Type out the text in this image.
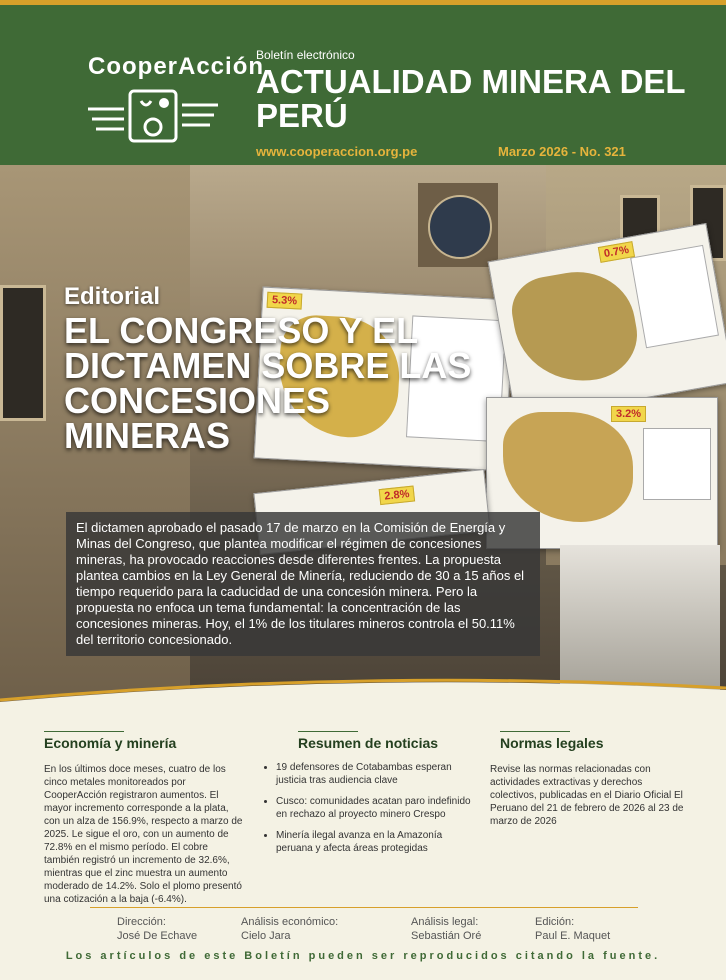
CooperAcción
Boletín electrónico
ACTUALIDAD MINERA DEL PERÚ
www.cooperaccion.org.pe	Marzo 2026 - No. 321
5.3%
0.7%
3.2%
2.8%
Editorial
EL CONGRESO Y EL DICTAMEN SOBRE LAS CONCESIONES MINERAS
El dictamen aprobado el pasado 17 de marzo en la Comisión de Energía y Minas del Congreso, que plantea modificar el régimen de concesiones mineras, ha provocado reacciones desde diferentes frentes. La propuesta plantea cambios en la Ley General de Minería, reduciendo de 30 a 15 años el tiempo requerido para la caducidad de una concesión minera. Pero la propuesta no enfoca un tema fundamental: la concentración de las concesiones mineras. Hoy, el 1% de los titulares mineros controla el 50.11% del territorio concesionado.
Economía y minería

En los últimos doce meses, cuatro de los cinco metales monitoreados por CooperAcción registraron aumentos. El mayor incremento corresponde a la plata, con un alza de 156.9%, respecto a marzo de 2025. Le sigue el oro, con un aumento de 72.8% en el mismo período. El cobre también registró un incremento de 32.6%, mientras que el zinc muestra un aumento moderado de 14.2%. Solo el plomo presentó una cotización a la baja (-6.4%).

Resumen de noticias
• 19 defensores de Cotabambas esperan justicia tras audiencia clave
• Cusco: comunidades acatan paro indefinido en rechazo al proyecto minero Crespo
• Minería ilegal avanza en la Amazonía peruana y afecta áreas protegidas
Normas legales

Revise las normas relacionadas con actividades extractivas y derechos colectivos, publicadas en el Diario Oficial El Peruano del 21 de febrero de 2026 al 23 de marzo de 2026

Dirección:
José De Echave
Análisis económico:
Cielo Jara
Análisis legal:
Sebastián Oré
Edición:
Paul E. Maquet
Los artículos de este Boletín pueden ser reproducidos citando la fuente.
